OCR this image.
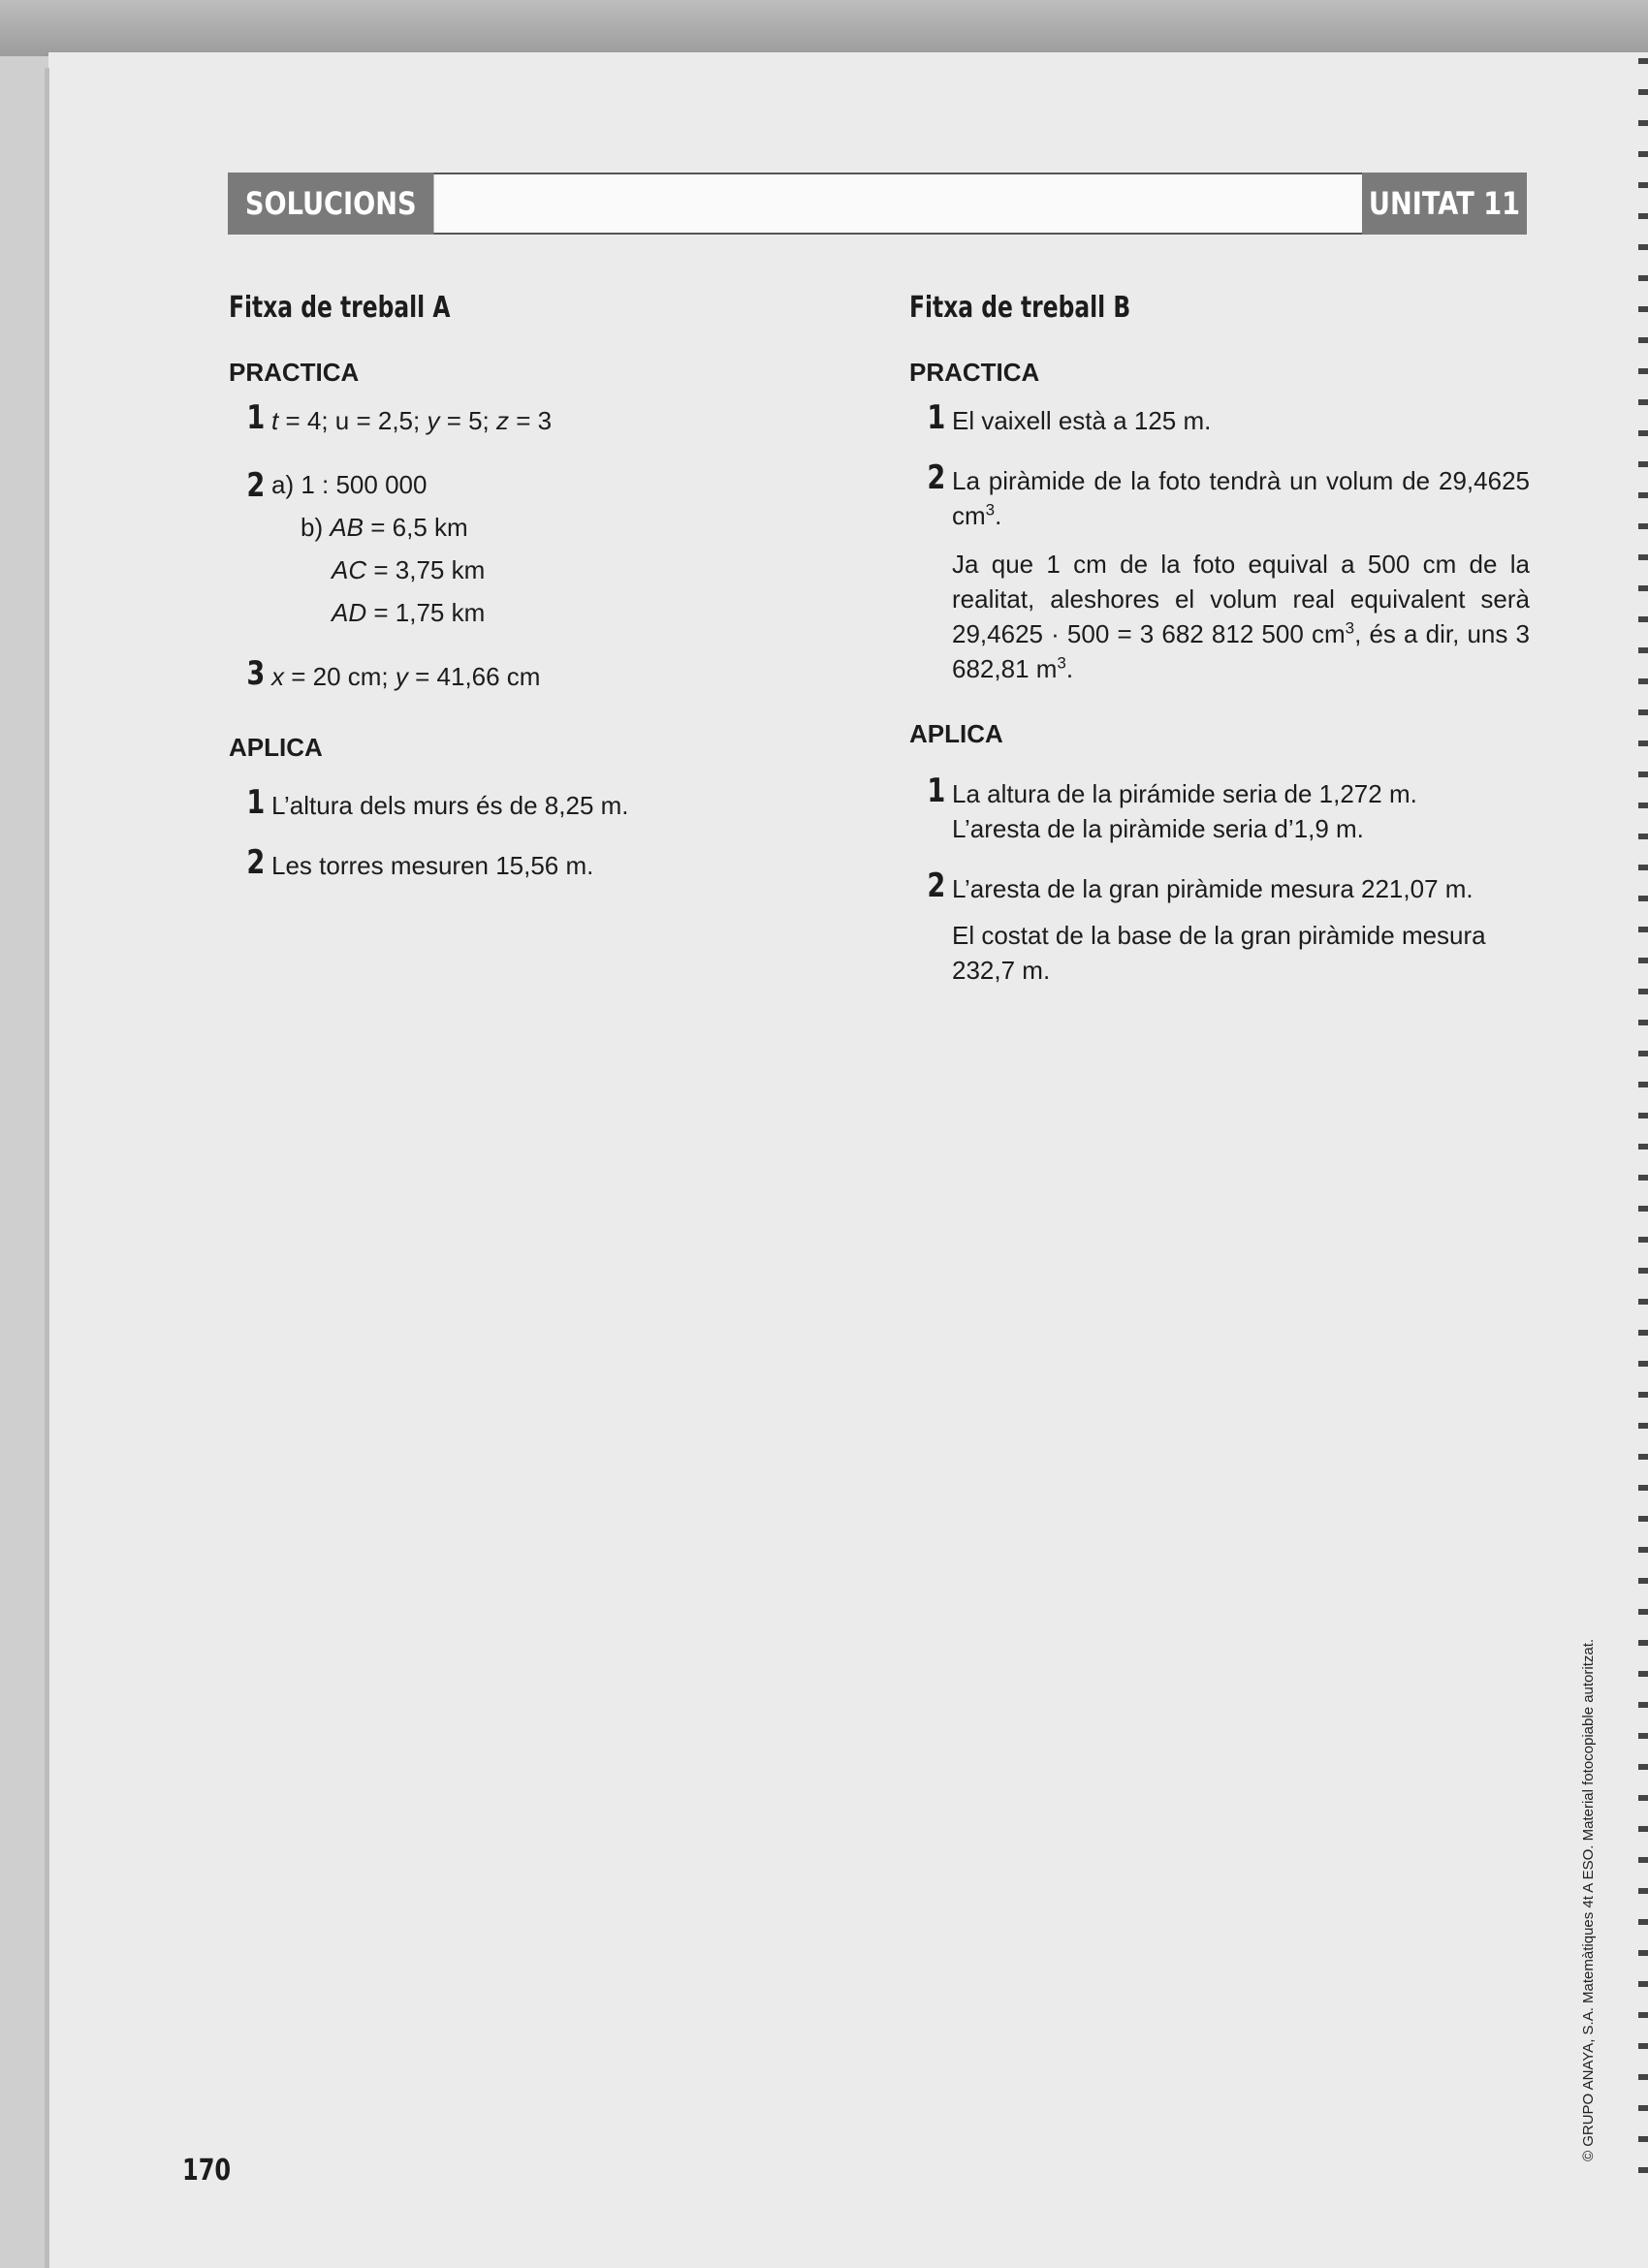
SOLUCIONS	UNITAT 11
Fitxa de treball A
PRACTICA
1 t = 4; u = 2,5; y = 5; z = 3
2 a) 1 : 500 000
b) AB = 6,5 km
AC = 3,75 km
AD = 1,75 km
3 x = 20 cm; y = 41,66 cm
APLICA
1 L’altura dels murs és de 8,25 m.
2 Les torres mesuren 15,56 m.
Fitxa de treball B
PRACTICA
1 El vaixell està a 125 m.
2 La piràmide de la foto tendrà un volum de 29,4625 $cm^3$.
Ja que 1 cm de la foto equival a 500 cm de la realitat, aleshores el volum real equivalent serà 29,4625 · 500 = 3 682 812 500 $cm^3$, és a dir, uns 3 682,81 $m^3$.
APLICA
1 La altura de la pirámide seria de 1,272 m.
L’aresta de la piràmide seria d’1,9 m.
2 L’aresta de la gran piràmide mesura 221,07 m.
El costat de la base de la gran piràmide mesura 232,7 m.
170
© GRUPO ANAYA, S.A. Matemàtiques 4t A ESO. Material fotocopiable autoritzat.
